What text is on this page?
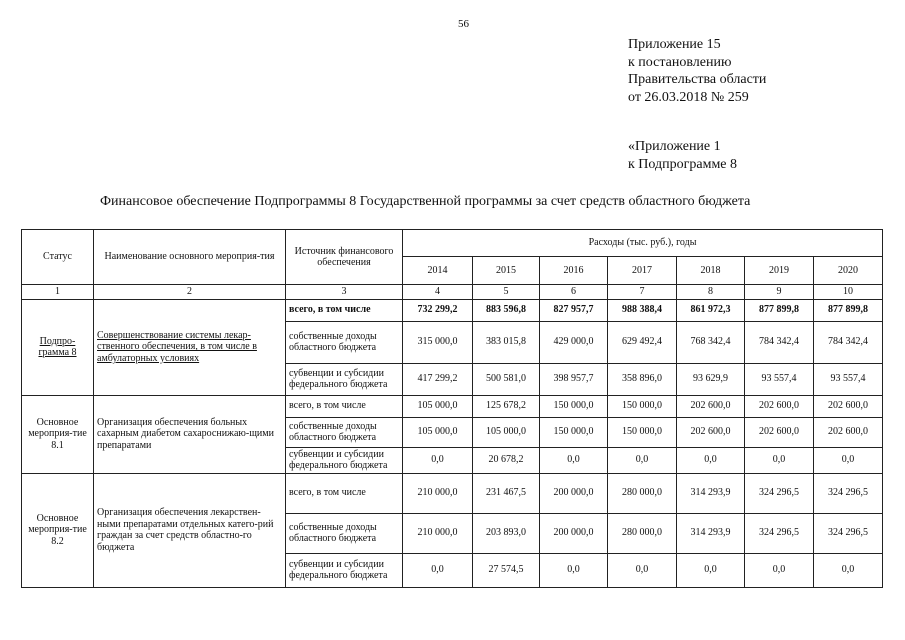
56
Приложение 15
к постановлению
Правительства области
от 26.03.2018 № 259
«Приложение 1
к Подпрограмме 8
Финансовое обеспечение Подпрограммы 8 Государственной программы за счет средств областного бюджета
Статус	Наименование основного мероприя-тия	Источник финансового обеспечения	Расходы (тыс. руб.), годы						
			2014	2015	2016	2017	2018	2019	2020
1	2	3	4	5	6	7	8	9	10
Подпро-грамма 8	Совершенствование системы лекар-ственного обеспечения, в том числе в амбулаторных условиях	всего, в том числе	732 299,2	883 596,8	827 957,7	988 388,4	861 972,3	877 899,8	877 899,8
		собственные доходы областного бюджета	315 000,0	383 015,8	429 000,0	629 492,4	768 342,4	784 342,4	784 342,4
		субвенции и субсидии федерального бюджета	417 299,2	500 581,0	398 957,7	358 896,0	93 629,9	93 557,4	93 557,4
Основное мероприя-тие 8.1	Организация обеспечения больных сахарным диабетом сахароснижаю-щими препаратами	всего, в том числе	105 000,0	125 678,2	150 000,0	150 000,0	202 600,0	202 600,0	202 600,0
		собственные доходы областного бюджета	105 000,0	105 000,0	150 000,0	150 000,0	202 600,0	202 600,0	202 600,0
		субвенции и субсидии федерального бюджета	0,0	20 678,2	0,0	0,0	0,0	0,0	0,0
Основное мероприя-тие 8.2	Организация обеспечения лекарствен-ными препаратами отдельных катего-рий граждан за счет средств областно-го бюджета	всего, в том числе	210 000,0	231 467,5	200 000,0	280 000,0	314 293,9	324 296,5	324 296,5
		собственные доходы областного бюджета	210 000,0	203 893,0	200 000,0	280 000,0	314 293,9	324 296,5	324 296,5
		субвенции и субсидии федерального бюджета	0,0	27 574,5	0,0	0,0	0,0	0,0	0,0
